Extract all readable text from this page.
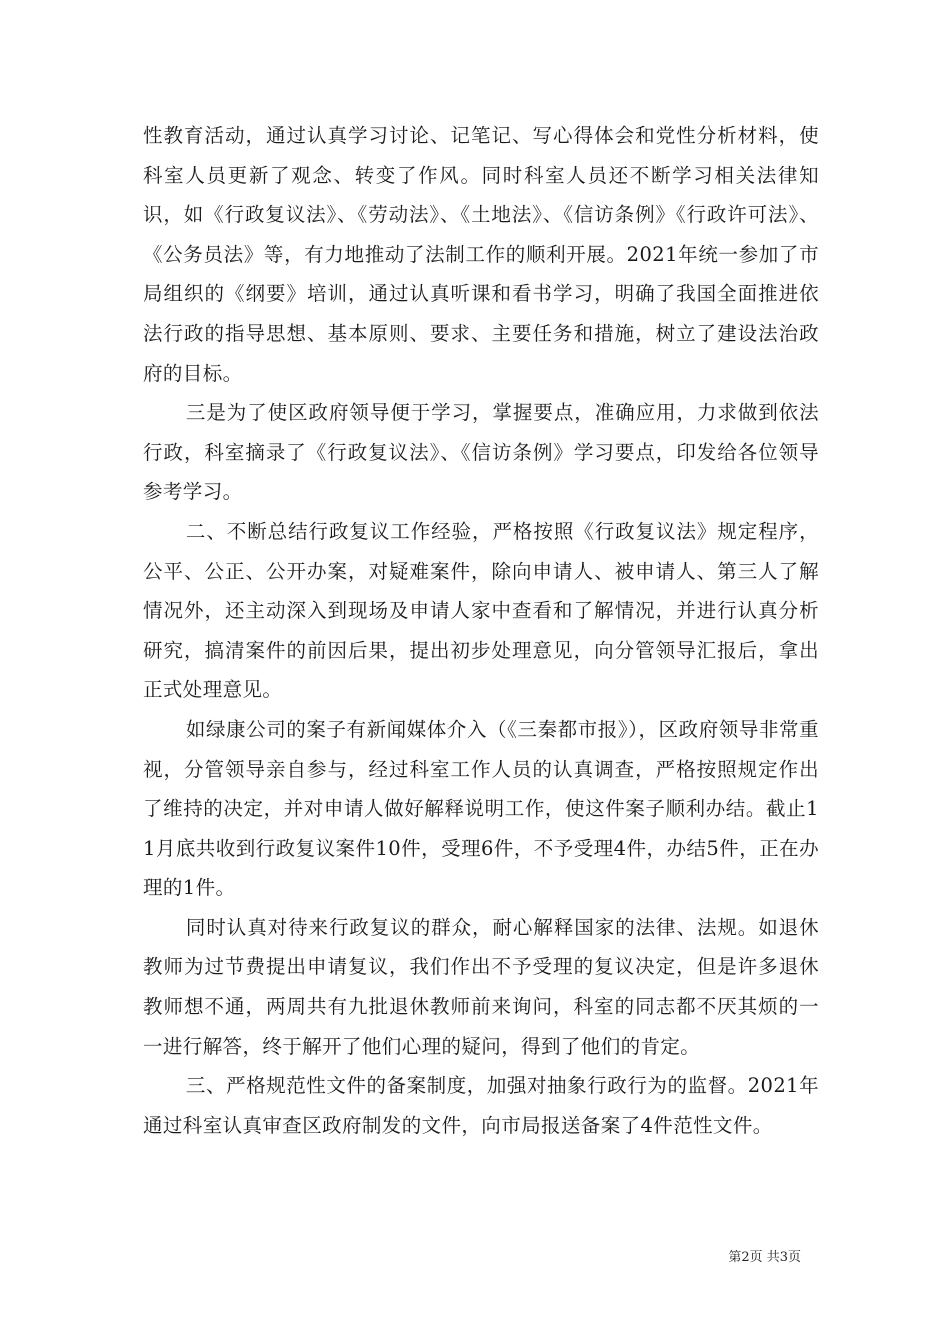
性教育活动，通过认真学习讨论、记笔记、写心得体会和党性分析材料，使科室人员更新了观念、转变了作风。同时科室人员还不断学习相关法律知识，如《行政复议法》、《劳动法》、《土地法》、《信访条例》《行政许可法》、《公务员法》等，有力地推动了法制工作的顺利开展。2021年统一参加了市局组织的《纲要》培训，通过认真听课和看书学习，明确了我国全面推进依法行政的指导思想、基本原则、要求、主要任务和措施，树立了建设法治政府的目标。

三是为了使区政府领导便于学习，掌握要点，准确应用，力求做到依法行政，科室摘录了《行政复议法》、《信访条例》学习要点，印发给各位领导参考学习。

二、不断总结行政复议工作经验，严格按照《行政复议法》规定程序，公平、公正、公开办案，对疑难案件，除向申请人、被申请人、第三人了解情况外，还主动深入到现场及申请人家中查看和了解情况，并进行认真分析研究，搞清案件的前因后果，提出初步处理意见，向分管领导汇报后，拿出正式处理意见。

如绿康公司的案子有新闻媒体介入（《三秦都市报》），区政府领导非常重视，分管领导亲自参与，经过科室工作人员的认真调查，严格按照规定作出了维持的决定，并对申请人做好解释说明工作，使这件案子顺利办结。截止11月底共收到行政复议案件10件，受理6件，不予受理4件，办结5件，正在办理的1件。

同时认真对待来行政复议的群众，耐心解释国家的法律、法规。如退休教师为过节费提出申请复议，我们作出不予受理的复议决定，但是许多退休教师想不通，两周共有九批退休教师前来询问，科室的同志都不厌其烦的一一进行解答，终于解开了他们心理的疑问，得到了他们的肯定。

三、严格规范性文件的备案制度，加强对抽象行政行为的监督。2021年通过科室认真审查区政府制发的文件，向市局报送备案了4件范性文件。

第2页 共3页
